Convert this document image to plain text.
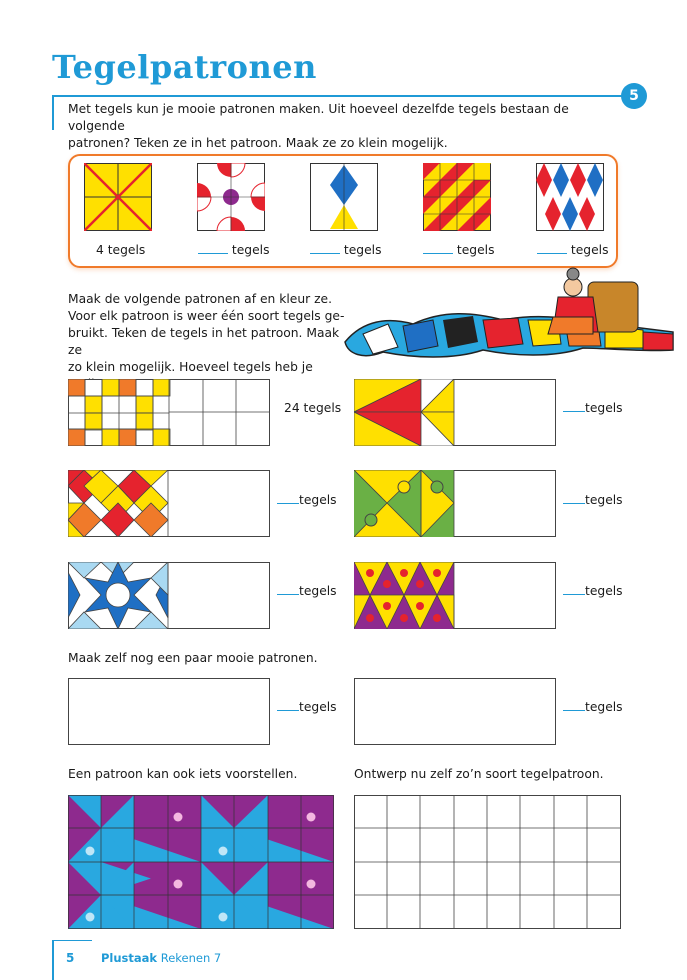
Tegelpatronen
5
Met tegels kun je mooie patronen maken. Uit hoeveel dezelfde tegels bestaan de volgende
patronen? Teken ze in het patroon. Maak ze zo klein mogelijk.
4 tegels	tegels	tegels	tegels	tegels
Maak de volgende patronen af en kleur ze.
Voor elk patroon is weer één soort tegels ge-
bruikt. Teken de tegels in het patroon. Maak ze
zo klein mogelijk. Hoeveel tegels heb je
24 tegels	tegels
tegels	tegels
tegels	tegels
Maak zelf nog een paar mooie patronen.
tegels	tegels
Een patroon kan ook iets voorstellen.	Ontwerp nu zelf zo’n soort tegelpatroon.
5 Plustaak Rekenen 7
